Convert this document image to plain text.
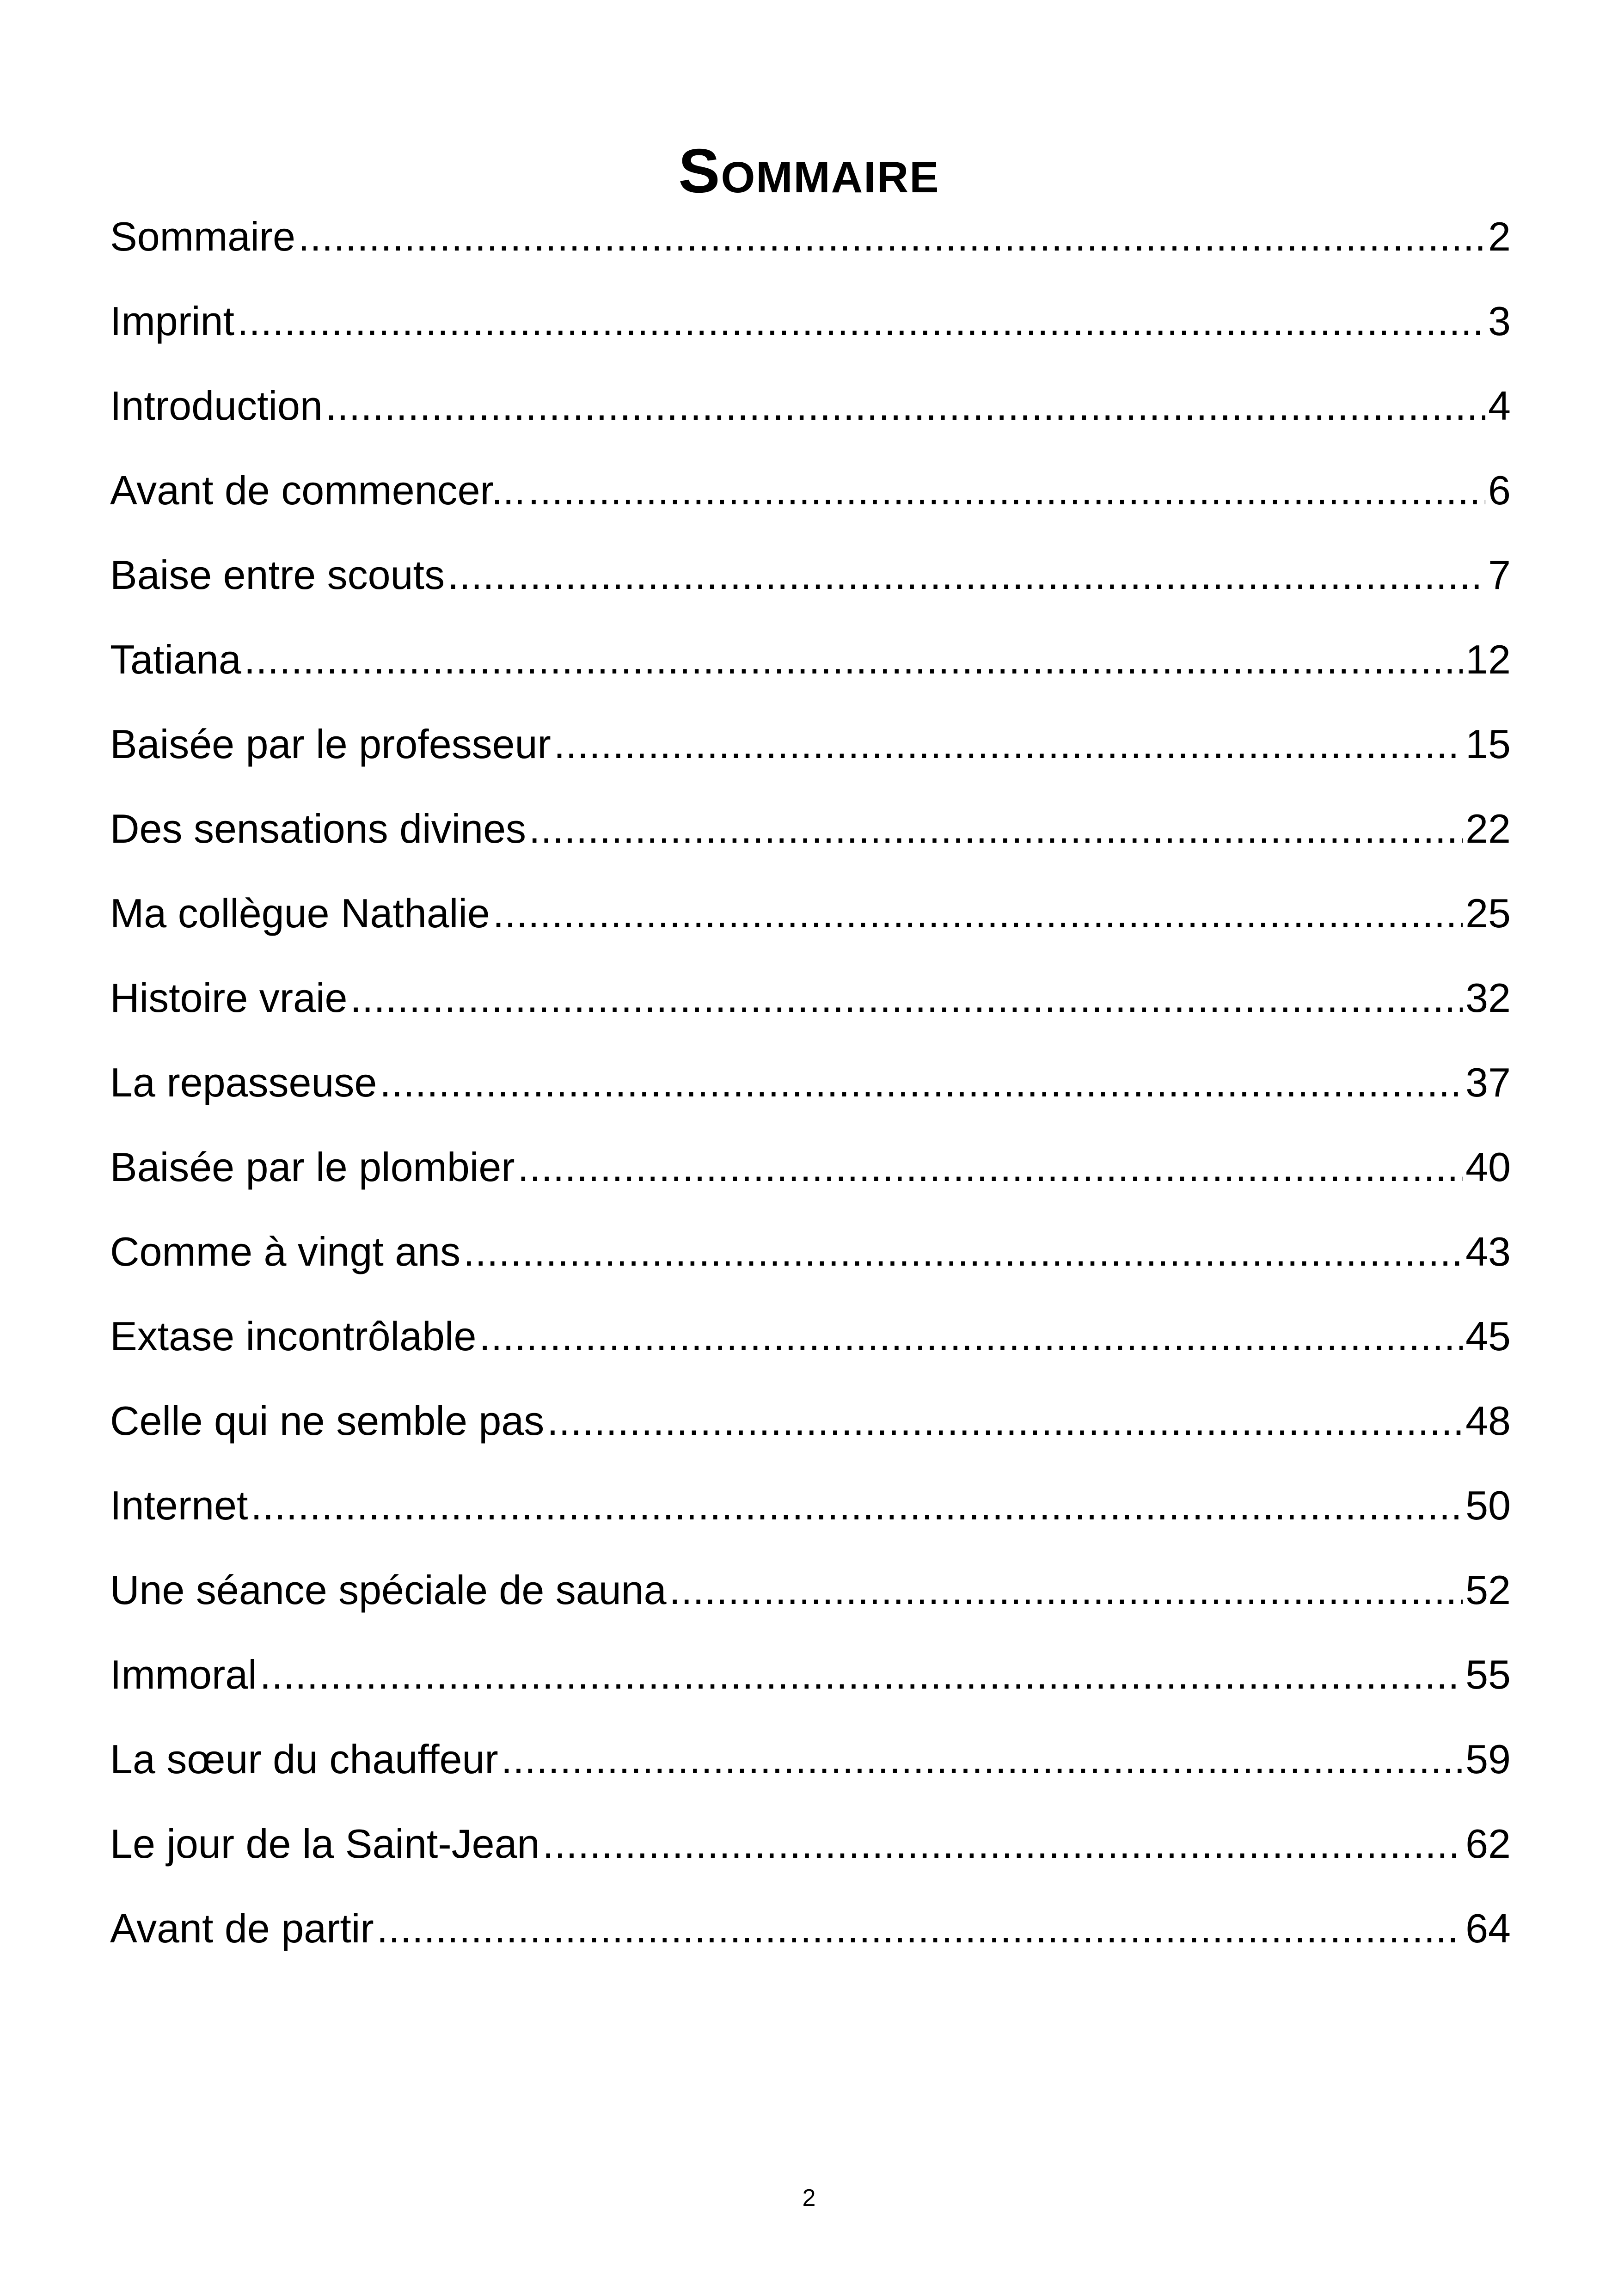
Sommaire
Sommaire .....	2
Imprint .....	3
Introduction .....	4
Avant de commencer... .....	6
Baise entre scouts .....	7
Tatiana .....	12
Baisée par le professeur .....	15
Des sensations divines .....	22
Ma collègue Nathalie .....	25
Histoire vraie .....	32
La repasseuse .....	37
Baisée par le plombier .....	40
Comme à vingt ans .....	43
Extase incontrôlable .....	45
Celle qui ne semble pas .....	48
Internet .....	50
Une séance spéciale de sauna .....	52
Immoral .....	55
La sœur du chauffeur .....	59
Le jour de la Saint-Jean .....	62
Avant de partir .....	64
2
